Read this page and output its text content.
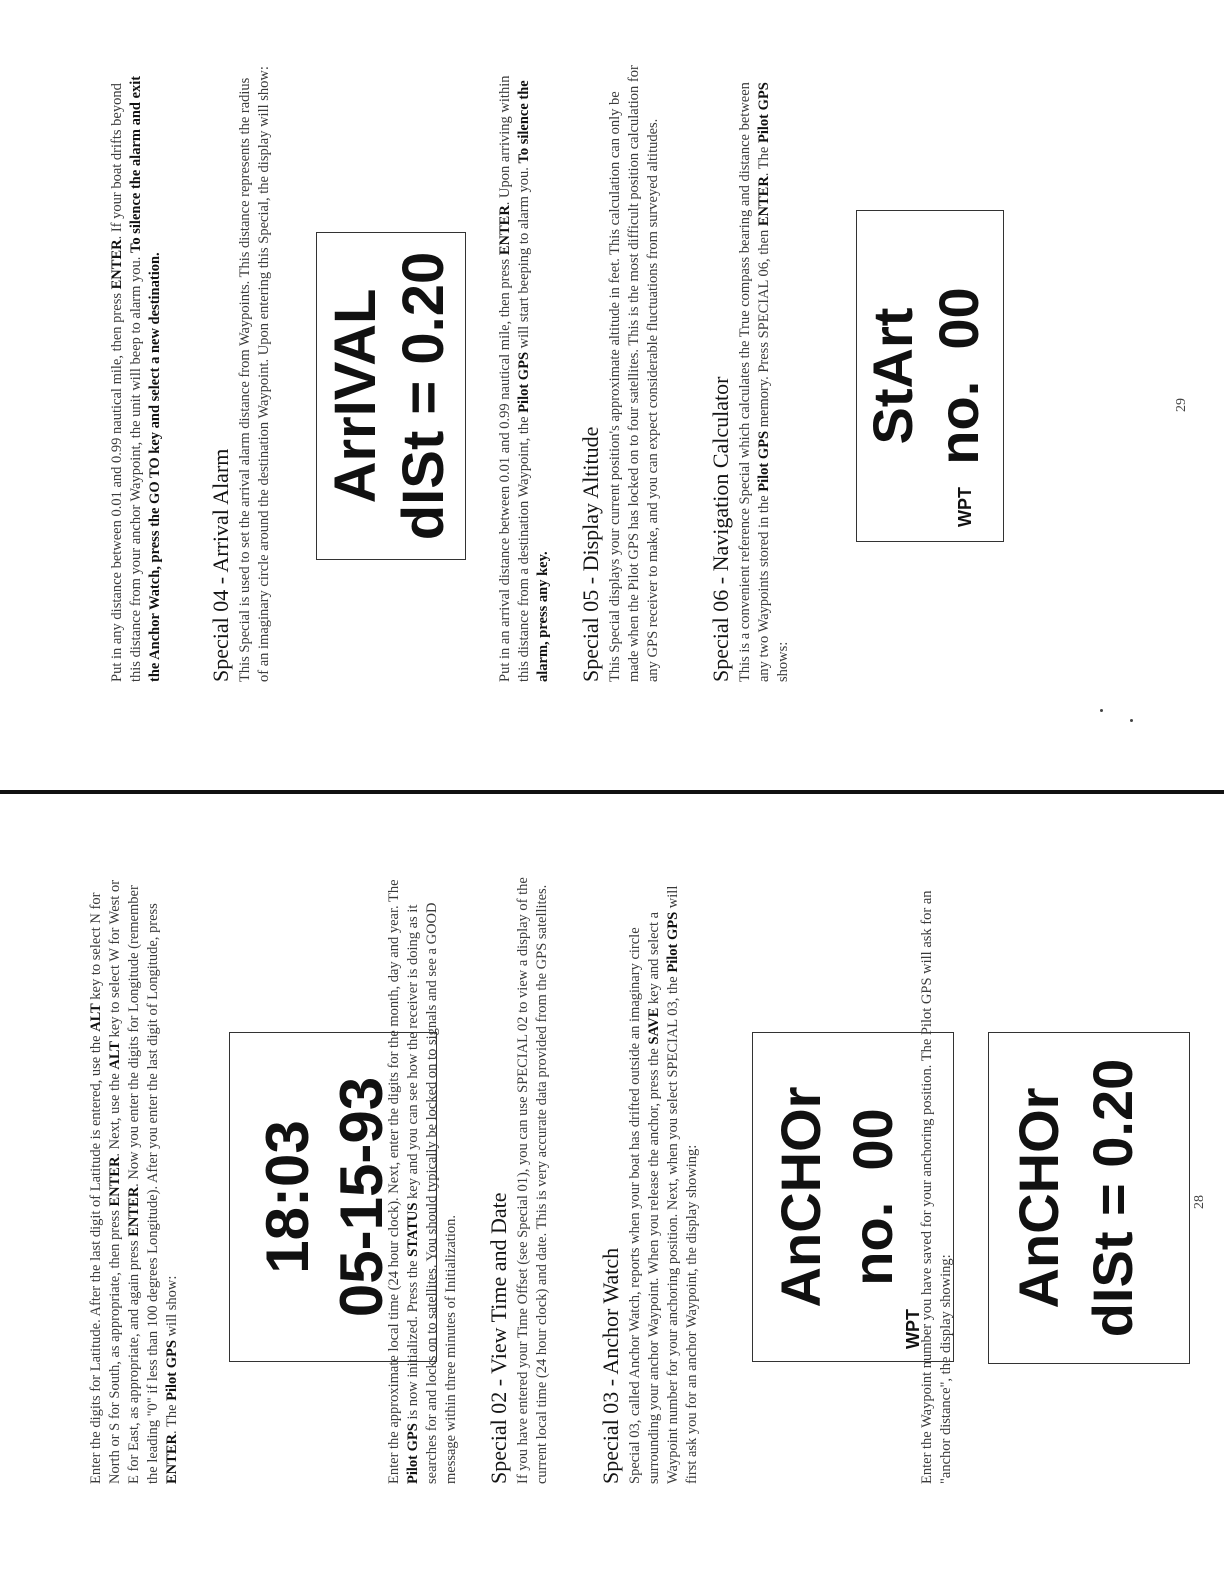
Enter the digits for Latitude. After the last digit of Latitude is entered, use the ALT key to select N for North or S for South, as appropriate, then press ENTER. Next, use the ALT key to select W for West or E for East, as appropriate, and again press ENTER. Now you enter the digits for Longitude (remember the leading "0" if less than 100 degrees Longitude). After you enter the last digit of Longitude, press ENTER. The Pilot GPS will show:

18:03 05-15-93

Enter the approximate local time (24 hour clock). Next, enter the digits for the month, day and year. The Pilot GPS is now initialized. Press the STATUS key and you can see how the receiver is doing as it searches for and locks on to satellites. You should typically be locked on to signals and see a GOOD message within three minutes of Initialization. Special 02 - View Time and Date If you have entered your Time Offset (see Special 01), you can use SPECIAL 02 to view a display of the current local time (24 hour clock) and date. This is very accurate data provided from the GPS satellites. Special 03 - Anchor Watch Special 03, called Anchor Watch, reports when your boat has drifted outside an imaginary circle surrounding your anchor Waypoint. When you release the anchor, press the SAVE key and select a Waypoint number for your anchoring position. Next, when you select SPECIAL 03, the Pilot GPS will first ask you for an anchor Waypoint, the display showing:	WPT
AnCHOr no.  00 Enter the Waypoint number you have saved for your anchoring position. The Pilot GPS will ask for an "anchor distance", the display showing:

AnCHOr dISt = 0.20	28

Put in any distance between 0.01 and 0.99 nautical mile, then press ENTER. If your boat drifts beyond this distance from your anchor Waypoint, the unit will beep to alarm you. To silence the alarm and exit the Anchor Watch, press the GO TO key and select a new destination. Special 04 - Arrival Alarm This Special is used to set the arrival alarm distance from Waypoints. This distance represents the radius of an imaginary circle around the destination Waypoint. Upon entering this Special, the display will show: ArrIVAL dISt = 0.20	Put in an arrival distance between 0.01 and 0.99 nautical mile, then press ENTER. Upon arriving within this distance from a destination Waypoint, the Pilot GPS will start beeping to alarm you. To silence the alarm, press any key. Special 05 - Display Altitude This Special displays your current position's approximate altitude in feet. This calculation can only be made when the Pilot GPS has locked on to four satellites. This is the most difficult position calculation for any GPS receiver to make, and you can expect considerable fluctuations from surveyed altitudes. Special 06 - Navigation Calculator This is a convenient reference Special which calculates the True compass bearing and distance between any two Waypoints stored in the Pilot GPS memory. Press SPECIAL 06, then ENTER. The Pilot GPS shows:

WPT
StArt no.  00	29
